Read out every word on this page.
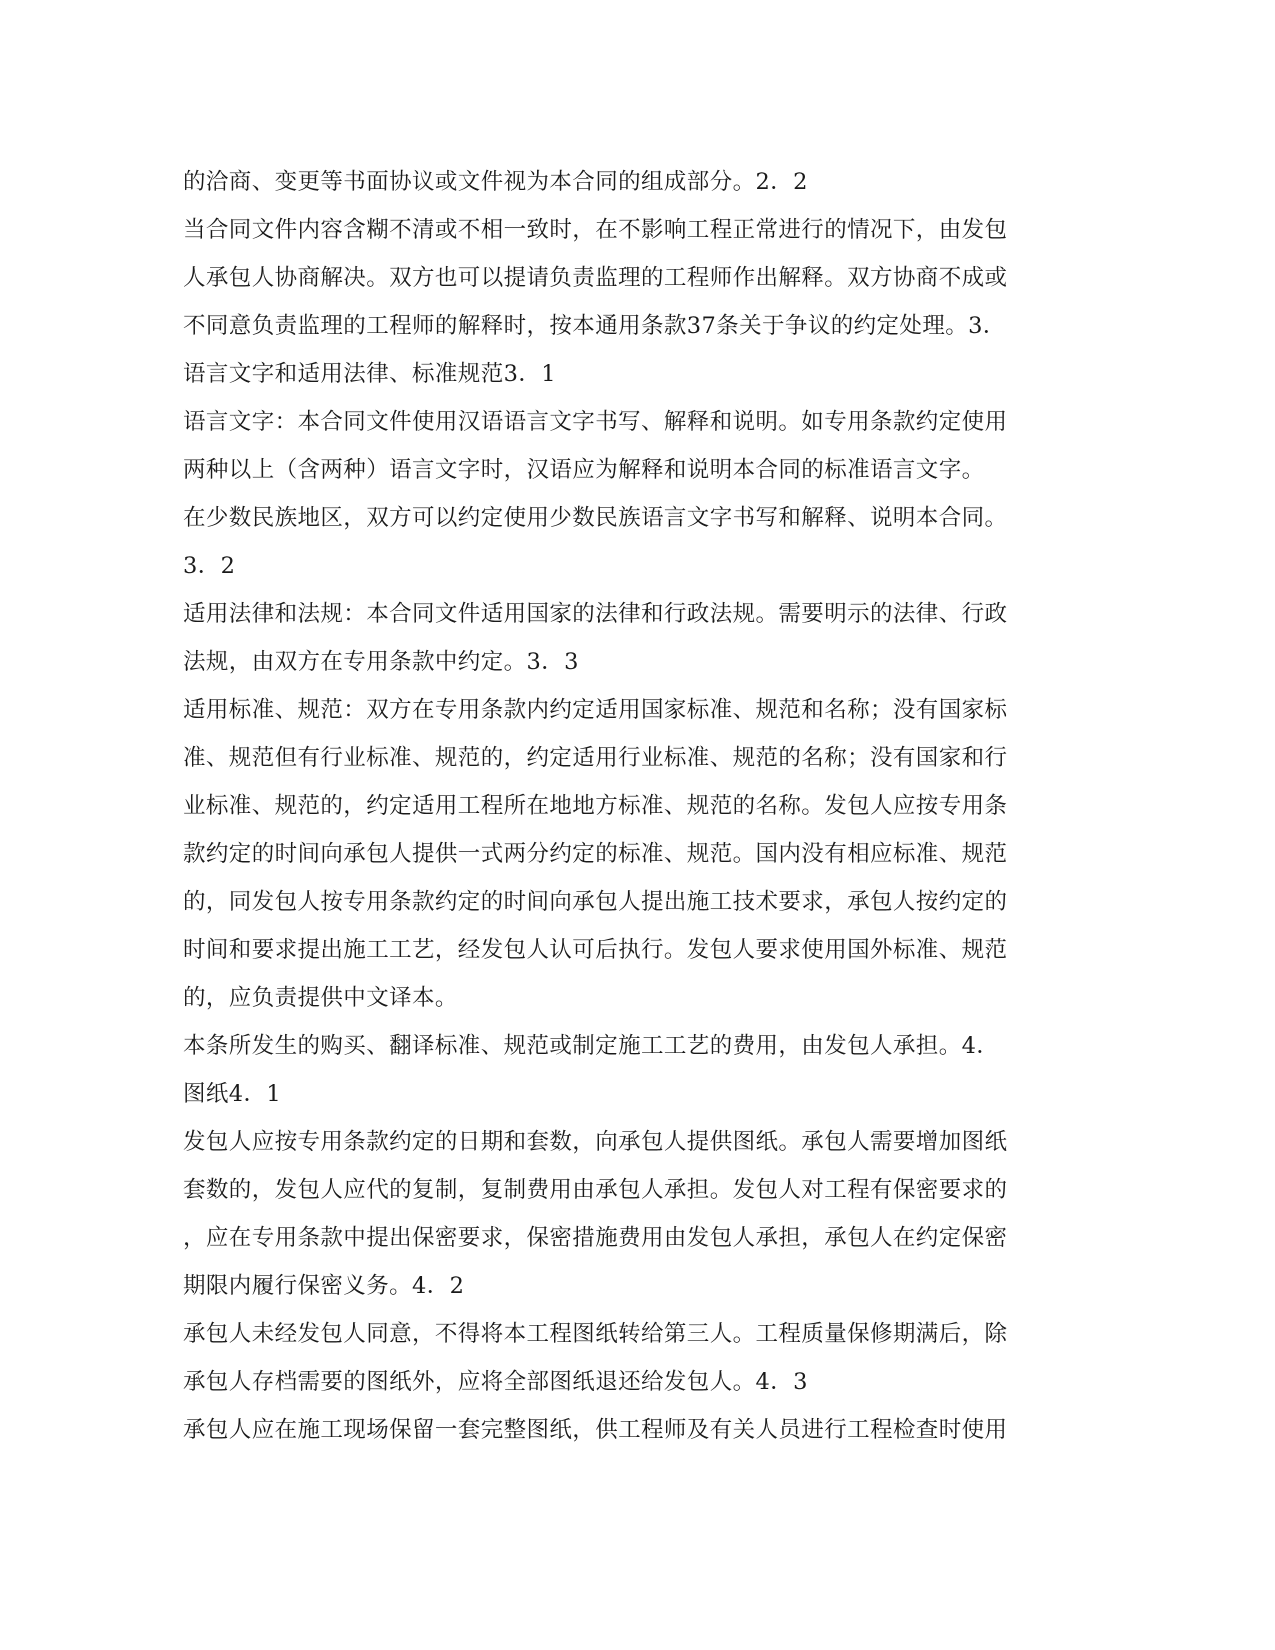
的洽商、变更等书面协议或文件视为本合同的组成部分。2．2
当合同文件内容含糊不清或不相一致时，在不影响工程正常进行的情况下，由发包
人承包人协商解决。双方也可以提请负责监理的工程师作出解释。双方协商不成或
不同意负责监理的工程师的解释时，按本通用条款37条关于争议的约定处理。3．
语言文字和适用法律、标准规范3．1
语言文字：本合同文件使用汉语语言文字书写、解释和说明。如专用条款约定使用
两种以上（含两种）语言文字时，汉语应为解释和说明本合同的标准语言文字。
在少数民族地区，双方可以约定使用少数民族语言文字书写和解释、说明本合同。
3．2
适用法律和法规：本合同文件适用国家的法律和行政法规。需要明示的法律、行政
法规，由双方在专用条款中约定。3．3
适用标准、规范：双方在专用条款内约定适用国家标准、规范和名称；没有国家标
准、规范但有行业标准、规范的，约定适用行业标准、规范的名称；没有国家和行
业标准、规范的，约定适用工程所在地地方标准、规范的名称。发包人应按专用条
款约定的时间向承包人提供一式两分约定的标准、规范。国内没有相应标准、规范
的，同发包人按专用条款约定的时间向承包人提出施工技术要求，承包人按约定的
时间和要求提出施工工艺，经发包人认可后执行。发包人要求使用国外标准、规范
的，应负责提供中文译本。
本条所发生的购买、翻译标准、规范或制定施工工艺的费用，由发包人承担。4．
图纸4．1
发包人应按专用条款约定的日期和套数，向承包人提供图纸。承包人需要增加图纸
套数的，发包人应代的复制，复制费用由承包人承担。发包人对工程有保密要求的
，应在专用条款中提出保密要求，保密措施费用由发包人承担，承包人在约定保密
期限内履行保密义务。4．2
承包人未经发包人同意，不得将本工程图纸转给第三人。工程质量保修期满后，除
承包人存档需要的图纸外，应将全部图纸退还给发包人。4．3
承包人应在施工现场保留一套完整图纸，供工程师及有关人员进行工程检查时使用
